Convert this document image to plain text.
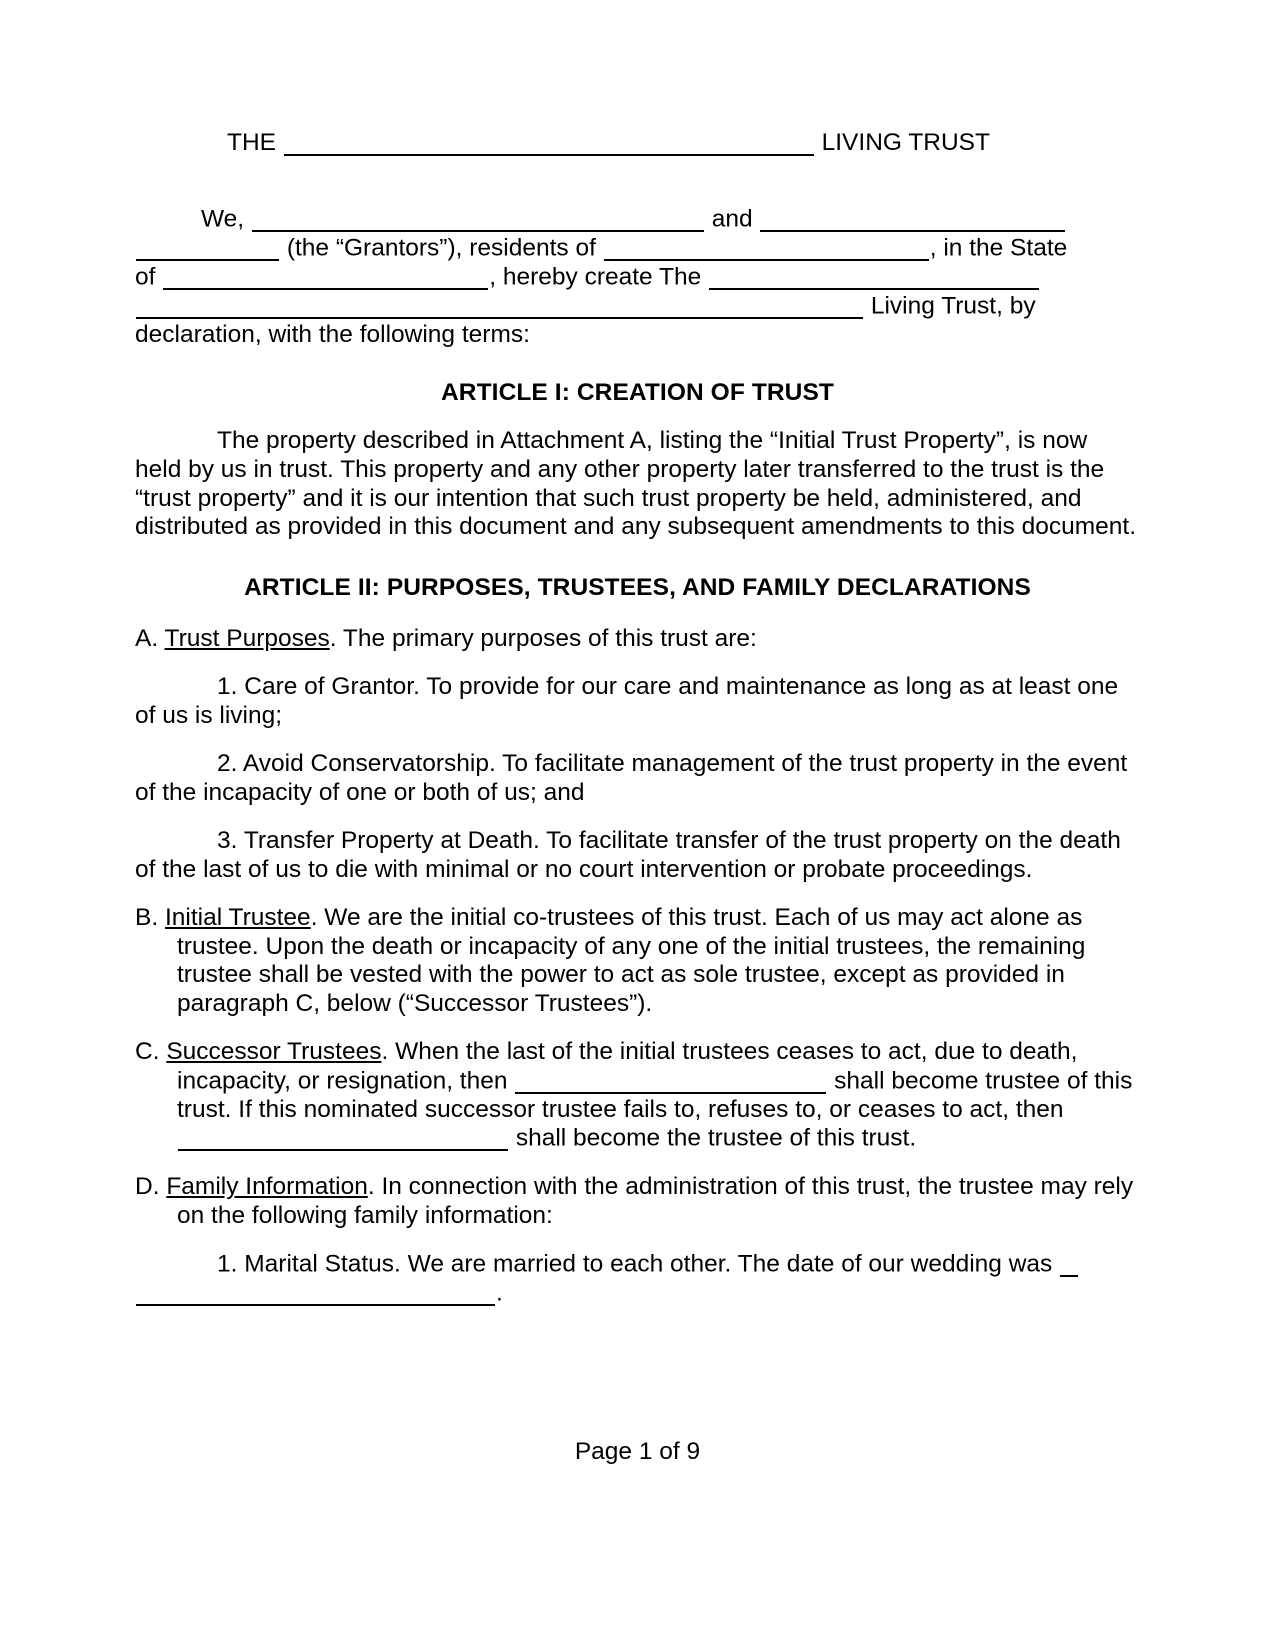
THE	LIVING TRUST
We,	and
(the “Grantors”), residents of	, in the State
of	, hereby create The
Living Trust, by
declaration, with the following terms:
ARTICLE I: CREATION OF TRUST
The property described in Attachment A, listing the “Initial Trust Property”, is now held by us in trust. This property and any other property later transferred to the trust is the “trust property” and it is our intention that such trust property be held, administered, and distributed as provided in this document and any subsequent amendments to this document.
ARTICLE II: PURPOSES, TRUSTEES, AND FAMILY DECLARATIONS
A. Trust Purposes. The primary purposes of this trust are:
1. Care of Grantor. To provide for our care and maintenance as long as at least one of us is living;
2. Avoid Conservatorship. To facilitate management of the trust property in the event of the incapacity of one or both of us; and
3. Transfer Property at Death. To facilitate transfer of the trust property on the death of the last of us to die with minimal or no court intervention or probate proceedings.
B. Initial Trustee. We are the initial co-trustees of this trust. Each of us may act alone as trustee. Upon the death or incapacity of any one of the initial trustees, the remaining trustee shall be vested with the power to act as sole trustee, except as provided in paragraph C, below (“Successor Trustees”).
C. Successor Trustees. When the last of the initial trustees ceases to act, due to death, incapacity, or resignation, then	shall become trustee of this trust. If this nominated successor trustee fails to, refuses to, or ceases to act, then  shall become the trustee of this trust.
D. Family Information. In connection with the administration of this trust, the trustee may rely on the following family information:
1. Marital Status. We are married to each other. The date of our wedding was .
Page 1 of 9
